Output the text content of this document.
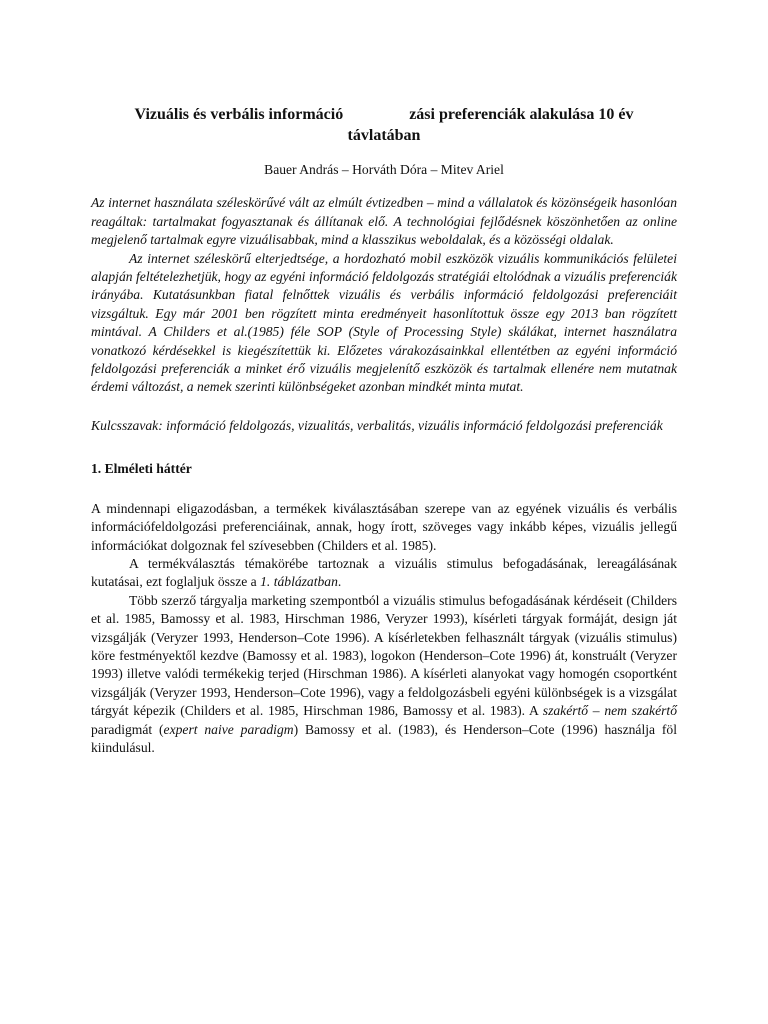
Vizuális és verbális információ	zási preferenciák alakulása 10 év
távlatában
Bauer András – Horváth Dóra – Mitev Ariel

Az internet használata széleskörűvé vált az elmúlt évtizedben – mind a vállalatok és közönségeik hasonlóan reagáltak: tartalmakat fogyasztanak és állítanak elő. A technológiai fejlődésnek köszönhetően az online megjelenő tartalmak egyre vizuálisabbak, mind a klasszikus weboldalak, és a közösségi oldalak.

Az internet széleskörű elterjedtsége, a hordozható mobil eszközök vizuális kommunikációs felületei alapján feltételezhetjük, hogy az egyéni információ feldolgozás stratégiái eltolódnak a vizuális preferenciák irányába. Kutatásunkban fiatal felnőttek vizuális és verbális információ feldolgozási preferenciáit vizsgáltuk. Egy már 2001 ben rögzített minta eredményeit hasonlítottuk össze egy 2013 ban rögzített mintával. A Childers et al.(1985) féle SOP (Style of Processing Style) skálákat, internet használatra vonatkozó kérdésekkel is kiegészítettük ki. Előzetes várakozásainkkal ellentétben az egyéni információ feldolgozási preferenciák a minket érő vizuális megjelenítő eszközök és tartalmak ellenére nem mutatnak érdemi változást, a nemek szerinti különbségeket azonban mindkét minta mutat.

Kulcsszavak: információ feldolgozás, vizualitás, verbalitás, vizuális információ feldolgozási preferenciák
1. Elméleti háttér

A mindennapi eligazodásban, a termékek kiválasztásában szerepe van az egyének vizuális és verbális információfeldolgozási preferenciáinak, annak, hogy írott, szöveges vagy inkább képes, vizuális jellegű információkat dolgoznak fel szívesebben (Childers et al. 1985).

A termékválasztás témakörébe tartoznak a vizuális stimulus befogadásának, lereagálásának kutatásai, ezt foglaljuk össze a 1. táblázatban.

Több szerző tárgyalja marketing szempontból a vizuális stimulus befogadásának kérdéseit (Childers et al. 1985, Bamossy et al. 1983, Hirschman 1986, Veryzer 1993), kísérleti tárgyak formáját, design ját vizsgálják (Veryzer 1993, Henderson–Cote 1996). A kísérletekben felhasznált tárgyak (vizuális stimulus) köre festményektől kezdve (Bamossy et al. 1983), logokon (Henderson–Cote 1996) át, konstruált (Veryzer 1993) illetve valódi termékekig terjed (Hirschman 1986). A kísérleti alanyokat vagy homogén csoportként vizsgálják (Veryzer 1993, Henderson–Cote 1996), vagy a feldolgozásbeli egyéni különbségek is a vizsgálat tárgyát képezik (Childers et al. 1985, Hirschman 1986, Bamossy et al. 1983). A szakértő – nem szakértő paradigmát (expert naive paradigm) Bamossy et al. (1983), és Henderson–Cote (1996) használja föl kiindulásul.
